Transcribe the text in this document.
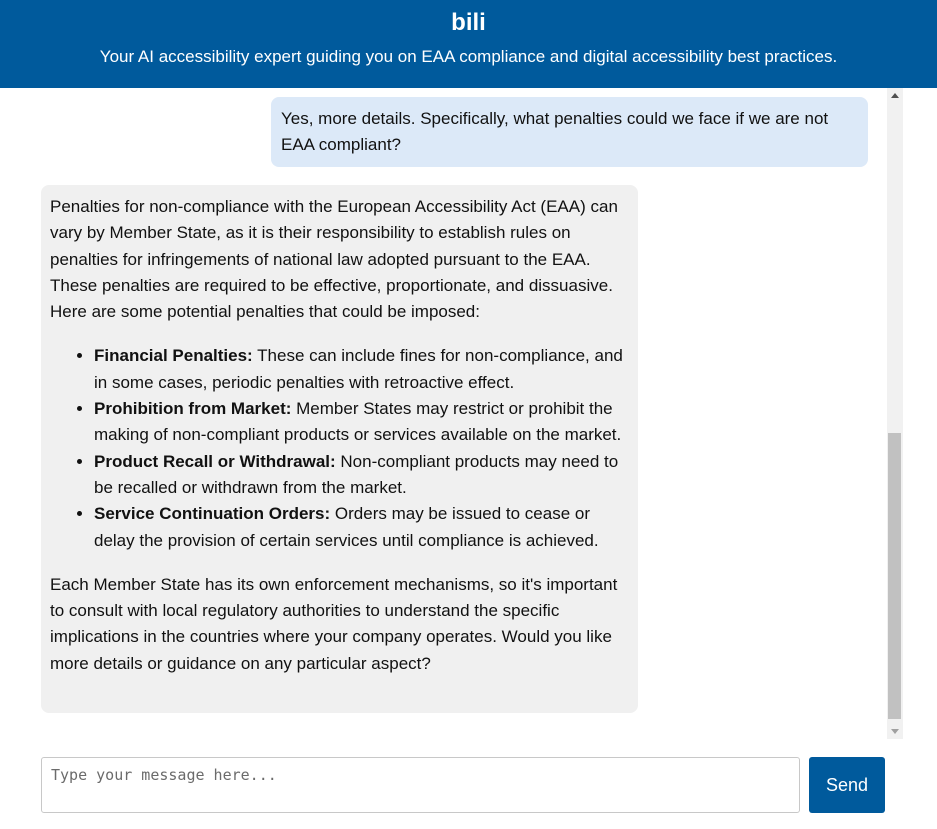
bili
Your AI accessibility expert guiding you on EAA compliance and digital accessibility best practices.
Yes, more details. Specifically, what penalties could we face if we are not EAA compliant?

Penalties for non-compliance with the European Accessibility Act (EAA) can vary by Member State, as it is their responsibility to establish rules on penalties for infringements of national law adopted pursuant to the EAA. These penalties are required to be effective, proportionate, and dissuasive. Here are some potential penalties that could be imposed:

• Financial Penalties: These can include fines for non-compliance, and in some cases, periodic penalties with retroactive effect.
• Prohibition from Market: Member States may restrict or prohibit the making of non-compliant products or services available on the market.
• Product Recall or Withdrawal: Non-compliant products may need to be recalled or withdrawn from the market.
• Service Continuation Orders: Orders may be issued to cease or delay the provision of certain services until compliance is achieved.

Each Member State has its own enforcement mechanisms, so it's important to consult with local regulatory authorities to understand the specific implications in the countries where your company operates. Would you like more details or guidance on any particular aspect?

Type your message here...
Send
